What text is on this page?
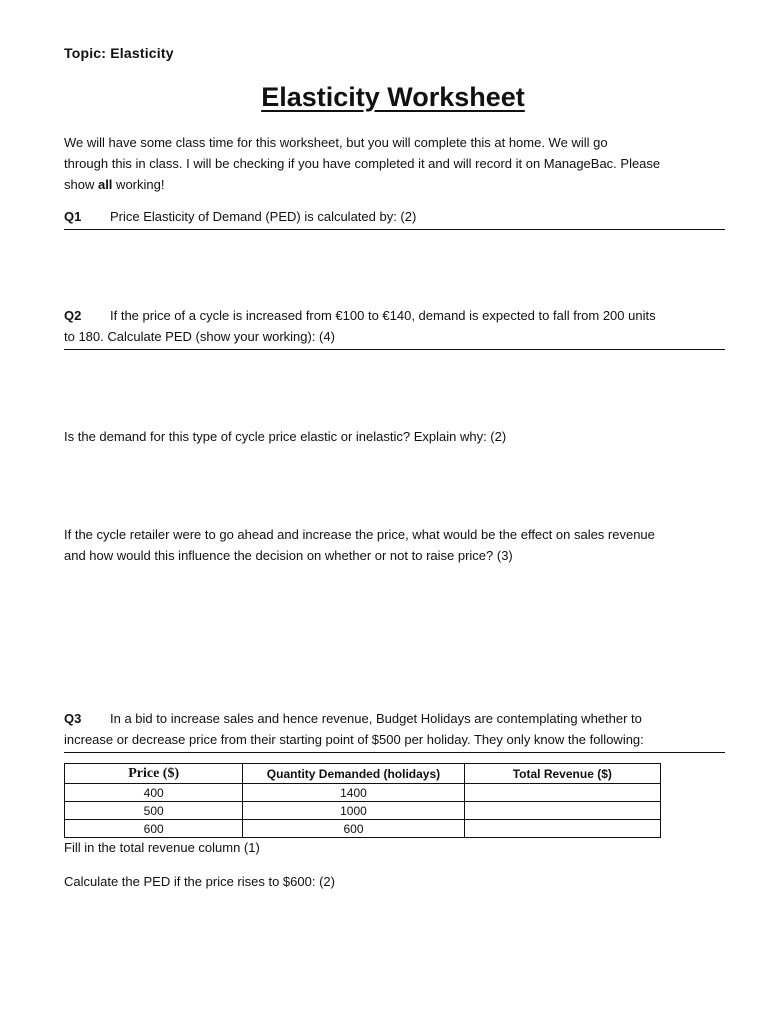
Topic: Elasticity
Elasticity Worksheet
We will have some class time for this worksheet, but you will complete this at home. We will go
through this in class. I will be checking if you have completed it and will record it on ManageBac. Please
show all working!
Q1 Price Elasticity of Demand (PED) is calculated by: (2)
Q2 If the price of a cycle is increased from €100 to €140, demand is expected to fall from 200 units
to 180. Calculate PED (show your working): (4)
Is the demand for this type of cycle price elastic or inelastic? Explain why: (2)
If the cycle retailer were to go ahead and increase the price, what would be the effect on sales revenue
and how would this influence the decision on whether or not to raise price? (3)
Q3 In a bid to increase sales and hence revenue, Budget Holidays are contemplating whether to
increase or decrease price from their starting point of $500 per holiday. They only know the following:
Price ($)	Quantity Demanded (holidays)	Total Revenue ($)
400	1400	
500	1000	
600	600	
Fill in the total revenue column (1)
Calculate the PED if the price rises to $600: (2)
